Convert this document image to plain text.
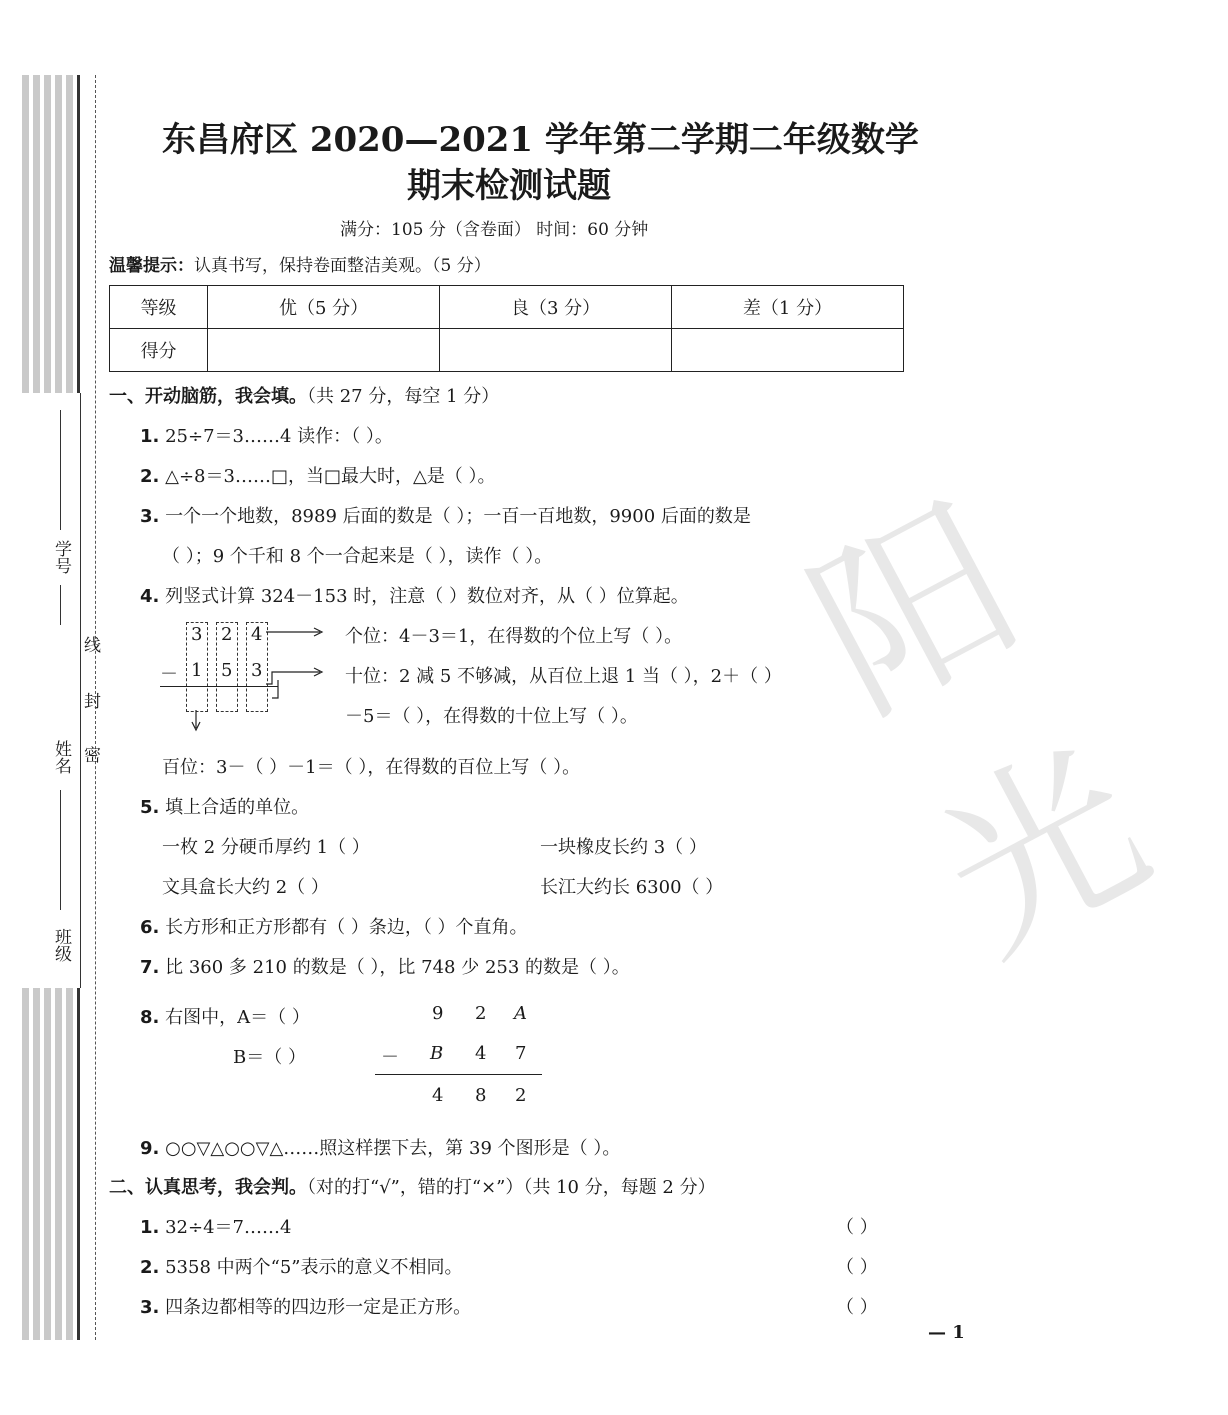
学号
姓名
班级
线
封
密
阳光
东昌府区 2020—2021 学年第二学期二年级数学
期末检测试题
满分：105 分（含卷面） 时间：60 分钟
温馨提示：认真书写，保持卷面整洁美观。（5 分）
等级	优（5 分）	良（3 分）	差（1 分）
得分			
一、开动脑筋，我会填。（共 27 分，每空 1 分）
1. 25÷7＝3……4 读作：（ ）。
2. △÷8＝3……□，当□最大时，△是（ ）。
3. 一个一个地数，8989 后面的数是（ ）；一百一百地数，9900 后面的数是
（ ）；9 个千和 8 个一合起来是（ ），读作（ ）。
4. 列竖式计算 324－153 时，注意（ ）数位对齐，从（ ）位算起。
3 2 4
－ 1 5 3
个位：4－3＝1，在得数的个位上写（ ）。
十位：2 减 5 不够减，从百位上退 1 当（ ），2＋（ ）
－5＝（ ），在得数的十位上写（ ）。
百位：3－（ ）－1＝（ ），在得数的百位上写（ ）。
5. 填上合适的单位。
一枚 2 分硬币厚约 1（ ）	一块橡皮长约 3（ ）
文具盒长大约 2（ ）	长江大约长 6300（ ）
6. 长方形和正方形都有（ ）条边，（ ）个直角。
7. 比 360 多 210 的数是（ ），比 748 少 253 的数是（ ）。
8. 右图中，A＝（ ）
B＝（ ）
9 2 A
－ B 4 7
4 8 2
9. ○○▽△○○▽△……照这样摆下去，第 39 个图形是（ ）。
二、认真思考，我会判。（对的打“√”，错的打“×”）（共 10 分，每题 2 分）
1. 32÷4＝7……4	（ ）
2. 5358 中两个“5”表示的意义不相同。	（ ）
3. 四条边都相等的四边形一定是正方形。	（ ）
— 1
